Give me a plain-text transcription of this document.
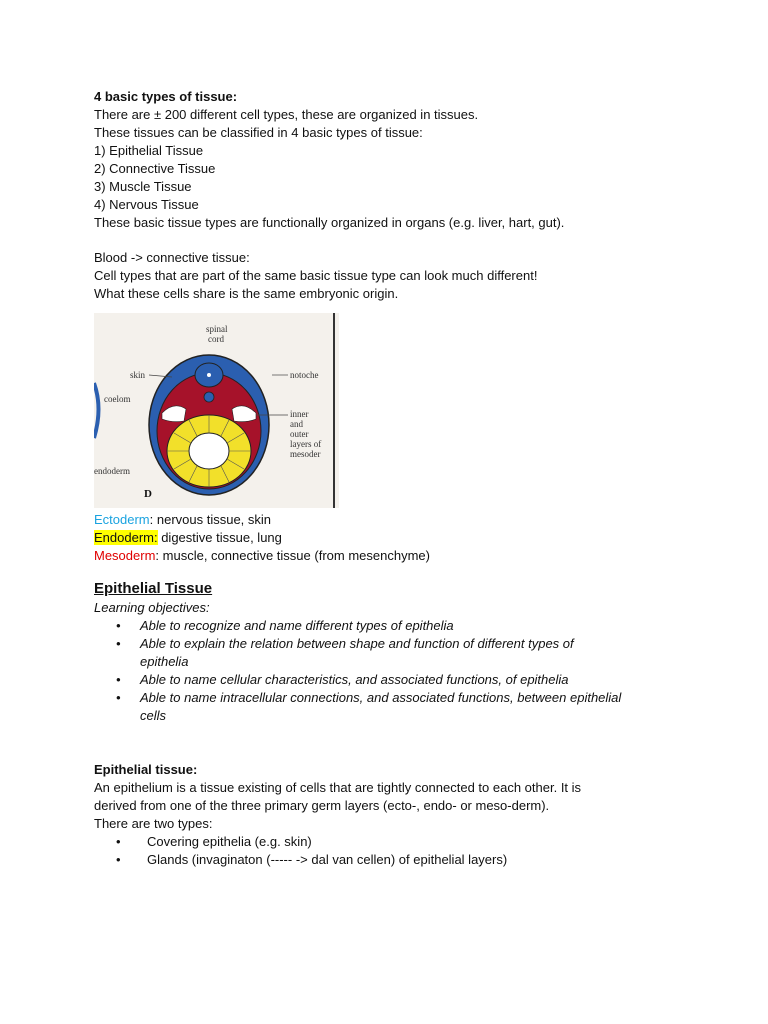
4 basic types of tissue:
There are ± 200 different cell types, these are organized in tissues.
These tissues can be classified in 4 basic types of tissue:
1) Epithelial Tissue
2) Connective Tissue
3) Muscle Tissue
4) Nervous Tissue
These basic tissue types are functionally organized in organs (e.g. liver, hart, gut).
Blood -> connective tissue:
Cell types that are part of the same basic tissue type can look much different!
What these cells share is the same embryonic origin.
spinal
cord
skin
coelom
notoche
inner
and
outer
layers of
mesoder
endoderm
D
Ectoderm: nervous tissue, skin
Endoderm: digestive tissue, lung
Mesoderm: muscle, connective tissue (from mesenchyme)
Epithelial Tissue
Learning objectives:
• Able to recognize and name different types of epithelia
• Able to explain the relation between shape and function of different types of
epithelia
• Able to name cellular characteristics, and associated functions, of epithelia
• Able to name intracellular connections, and associated functions, between epithelial
cells
Epithelial tissue:
An epithelium is a tissue existing of cells that are tightly connected to each other. It is
derived from one of the three primary germ layers (ecto-, endo- or meso-derm).
There are two types:
• Covering epithelia (e.g. skin)
• Glands (invaginaton (----- -> dal van cellen) of epithelial layers)
